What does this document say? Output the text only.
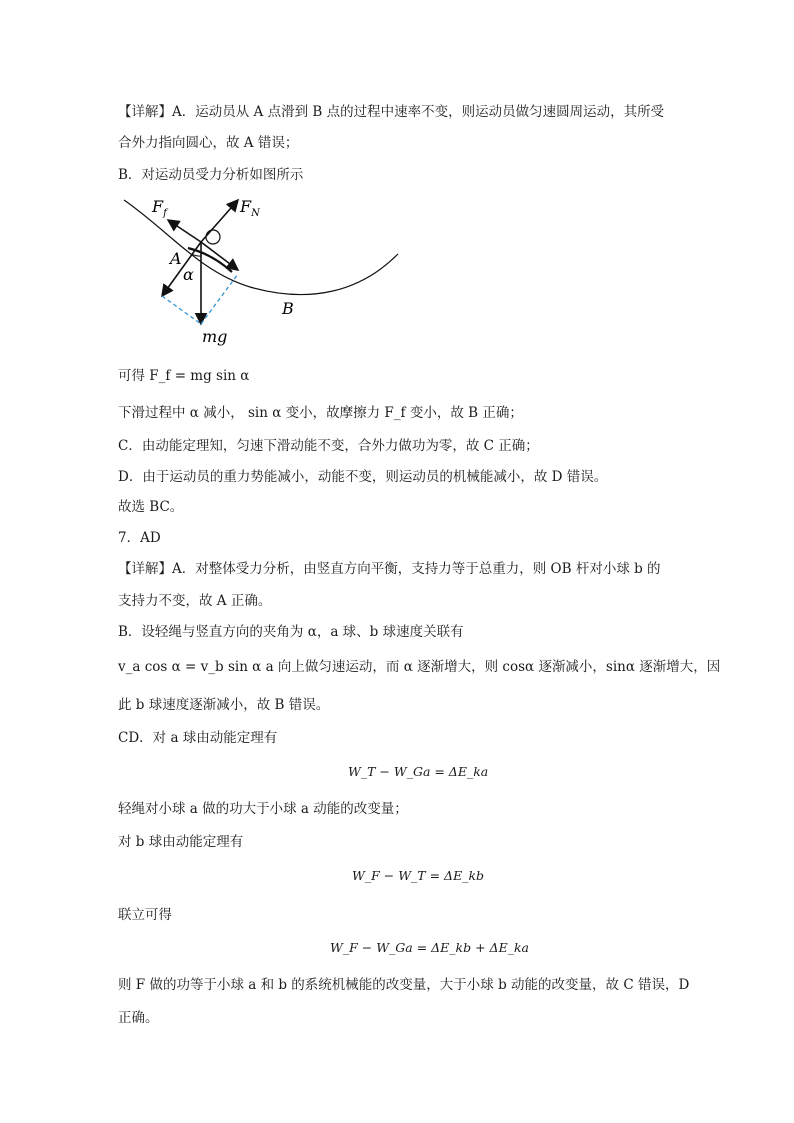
【详解】A．运动员从 A 点滑到 B 点的过程中速率不变，则运动员做匀速圆周运动，其所受
合外力指向圆心，故 A 错误；
B．对运动员受力分析如图所示
$F_f$	$F_N$
A
α
B
mg
可得 F_f = mg sin α
下滑过程中 α 减小， sin α 变小，故摩擦力 F_f 变小，故 B 正确；
C．由动能定理知，匀速下滑动能不变，合外力做功为零，故 C 正确；
D．由于运动员的重力势能减小，动能不变，则运动员的机械能减小，故 D 错误。
故选 BC。
7．AD
【详解】A．对整体受力分析，由竖直方向平衡，支持力等于总重力，则 OB 杆对小球 b 的
支持力不变，故 A 正确。
B．设轻绳与竖直方向的夹角为 α，a 球、b 球速度关联有
v_a cos α = v_b sin α a 向上做匀速运动，而 α 逐渐增大，则 cosα 逐渐减小，sinα 逐渐增大，因
此 b 球速度逐渐减小，故 B 错误。
CD．对 a 球由动能定理有
W_T − W_Ga = ΔE_ka
轻绳对小球 a 做的功大于小球 a 动能的改变量；
对 b 球由动能定理有
W_F − W_T = ΔE_kb
联立可得
W_F − W_Ga = ΔE_kb + ΔE_ka
则 F 做的功等于小球 a 和 b 的系统机械能的改变量，大于小球 b 动能的改变量，故 C 错误，D
正确。
